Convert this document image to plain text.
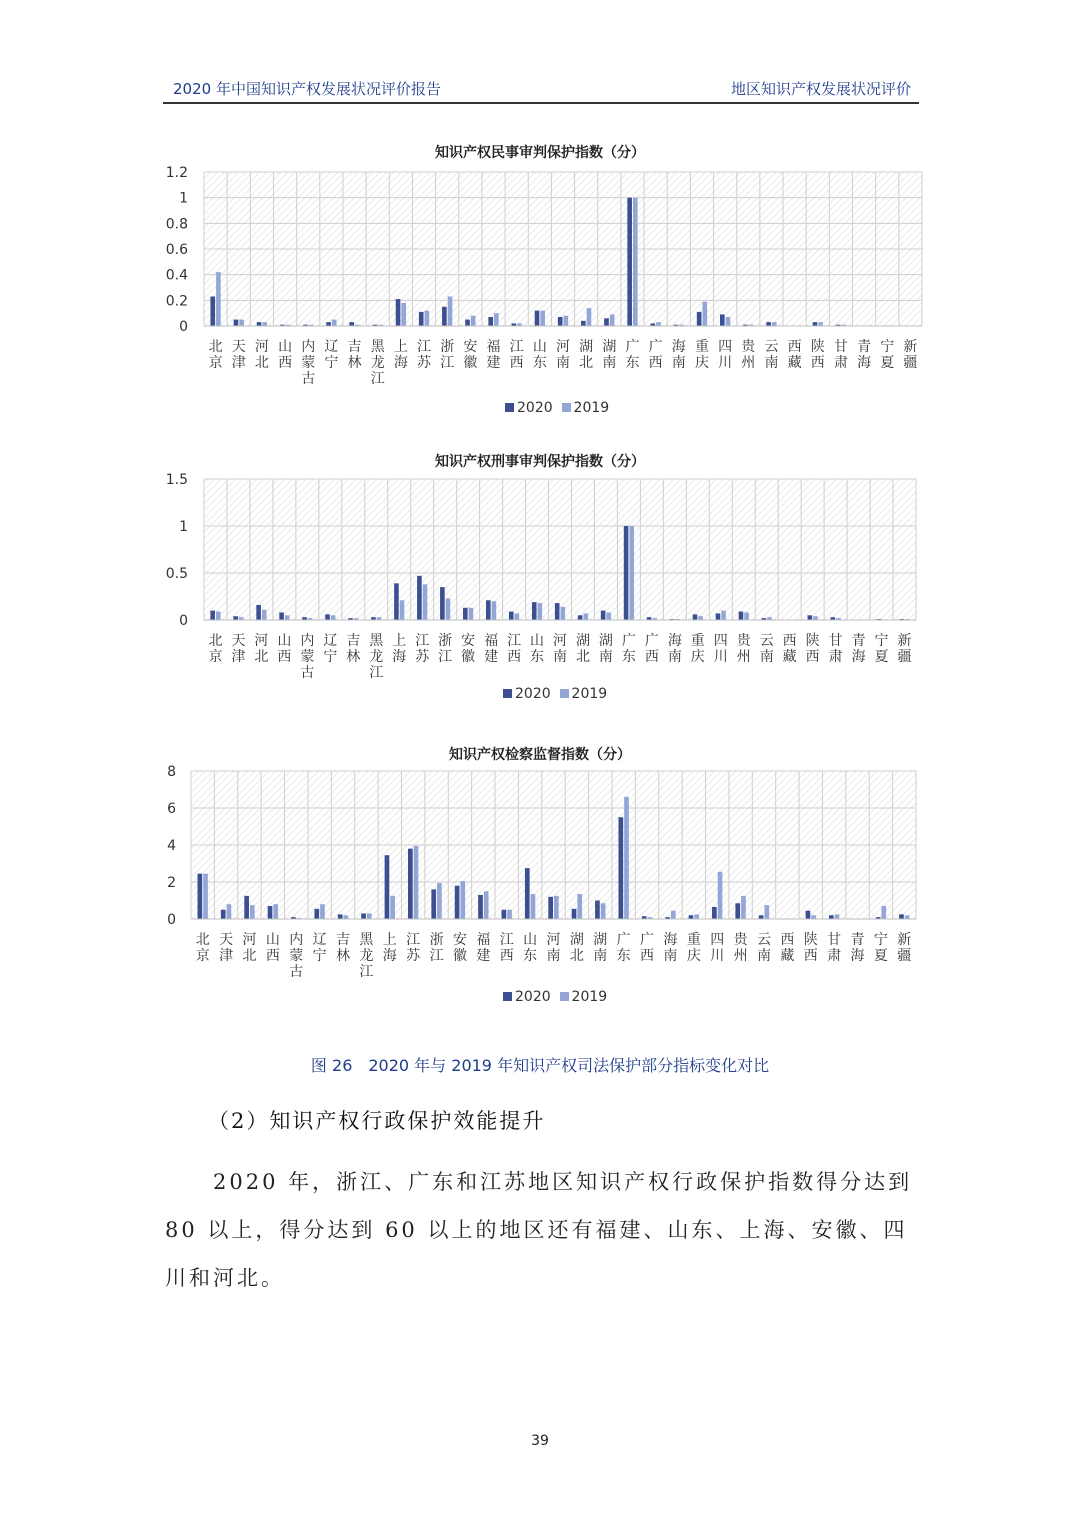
2020 年中国知识产权发展状况评价报告	地区知识产权发展状况评价
知识产权民事审判保护指数（分）
0
0.2
0.4
0.6
0.8
1
1.2
北
京
天
津
河
北
山
西
内
蒙
古
辽
宁
吉
林
黑
龙
江
上
海
江
苏
浙
江
安
徽
福
建
江
西
山
东
河
南
湖
北
湖
南
广
东
广
西
海
南
重
庆
四
川
贵
州
云
南
西
藏
陕
西
甘
肃
青
海
宁
夏
新
疆
2020 2019
知识产权刑事审判保护指数（分）
0
0.5
1
1.5
北
京
天
津
河
北
山
西
内
蒙
古
辽
宁
吉
林
黑
龙
江
上
海
江
苏
浙
江
安
徽
福
建
江
西
山
东
河
南
湖
北
湖
南
广
东
广
西
海
南
重
庆
四
川
贵
州
云
南
西
藏
陕
西
甘
肃
青
海
宁
夏
新
疆
2020 2019
知识产权检察监督指数（分）
0
2
4
6
8
北
京
天
津
河
北
山
西
内
蒙
古
辽
宁
吉
林
黑
龙
江
上
海
江
苏
浙
江
安
徽
福
建
江
西
山
东
河
南
湖
北
湖
南
广
东
广
西
海
南
重
庆
四
川
贵
州
云
南
西
藏
陕
西
甘
肃
青
海
宁
夏
新
疆
2020 2019
图 26　2020 年与 2019 年知识产权司法保护部分指标变化对比
（2）知识产权行政保护效能提升
2020 年，浙江、广东和江苏地区知识产权行政保护指数得分达到 80 以上，得分达到 60 以上的地区还有福建、山东、上海、安徽、四川和河北。
39
